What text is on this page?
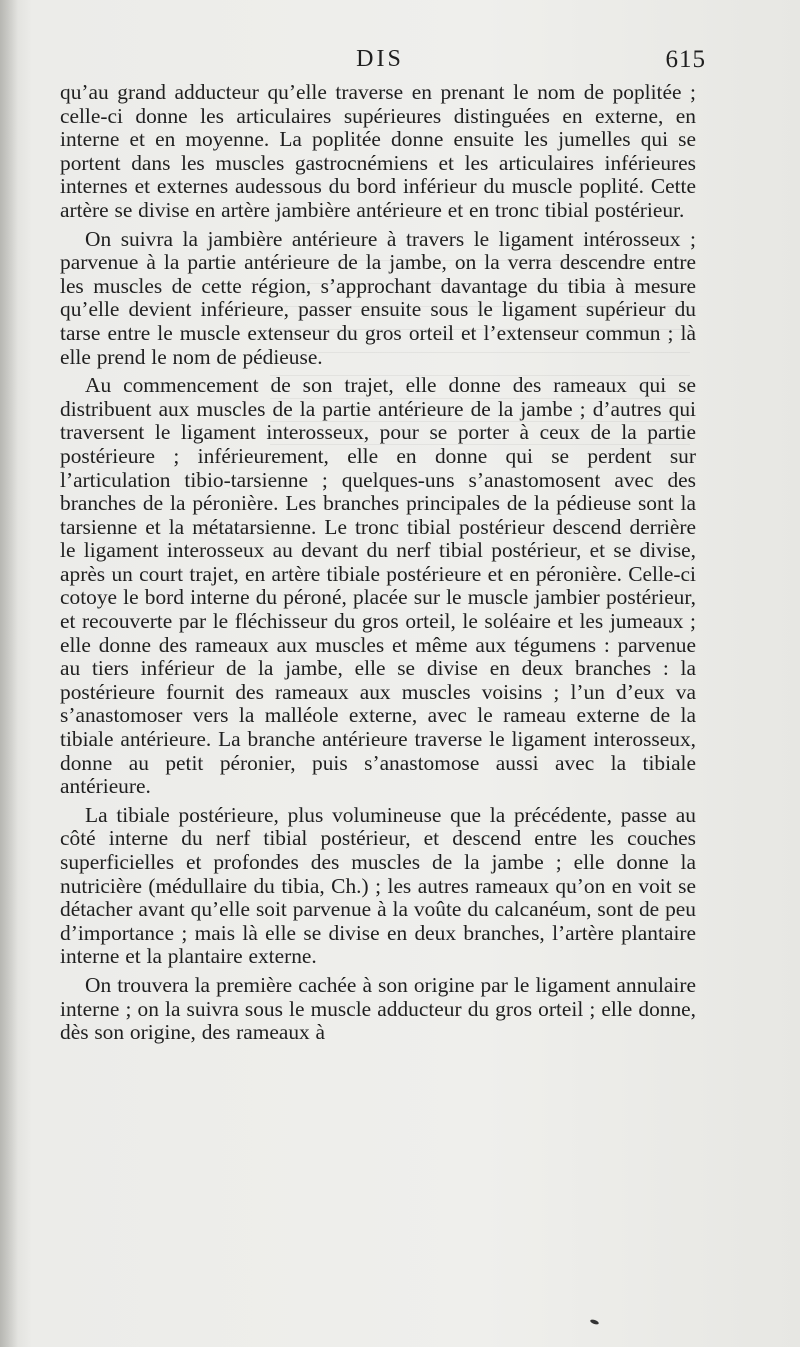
DIS	615

qu’au grand adducteur qu’elle traverse en prenant le nom de poplitée ; celle-ci donne les articulaires supérieures distinguées en externe, en interne et en moyenne. La poplitée donne ensuite les jumelles qui se portent dans les muscles gastrocnémiens et les articulaires inférieures internes et externes audessous du bord inférieur du muscle poplité. Cette artère se divise en artère jambière antérieure et en tronc tibial postérieur.

On suivra la jambière antérieure à travers le ligament intérosseux ; parvenue à la partie antérieure de la jambe, on la verra descendre entre les muscles de cette région, s’approchant davantage du tibia à mesure qu’elle devient inférieure, passer ensuite sous le ligament supérieur du tarse entre le muscle extenseur du gros orteil et l’extenseur commun ; là elle prend le nom de pédieuse.

Au commencement de son trajet, elle donne des rameaux qui se distribuent aux muscles de la partie antérieure de la jambe ; d’autres qui traversent le ligament interosseux, pour se porter à ceux de la partie postérieure ; inférieurement, elle en donne qui se perdent sur l’articulation tibio-tarsienne ; quelques-uns s’anastomosent avec des branches de la péronière. Les branches principales de la pédieuse sont la tarsienne et la métatarsienne. Le tronc tibial postérieur descend derrière le ligament interosseux au devant du nerf tibial postérieur, et se divise, après un court trajet, en artère tibiale postérieure et en péronière. Celle-ci cotoye le bord interne du péroné, placée sur le muscle jambier postérieur, et recouverte par le fléchisseur du gros orteil, le soléaire et les jumeaux ; elle donne des rameaux aux muscles et même aux tégumens : parvenue au tiers inférieur de la jambe, elle se divise en deux branches : la postérieure fournit des rameaux aux muscles voisins ; l’un d’eux va s’anastomoser vers la malléole externe, avec le rameau externe de la tibiale antérieure. La branche antérieure traverse le ligament interosseux, donne au petit péronier, puis s’anastomose aussi avec la tibiale antérieure.

La tibiale postérieure, plus volumineuse que la précédente, passe au côté interne du nerf tibial postérieur, et descend entre les couches superficielles et profondes des muscles de la jambe ; elle donne la nutricière (médullaire du tibia, Ch.) ; les autres rameaux qu’on en voit se détacher avant qu’elle soit parvenue à la voûte du calcanéum, sont de peu d’importance ; mais là elle se divise en deux branches, l’artère plantaire interne et la plantaire externe.

On trouvera la première cachée à son origine par le ligament annulaire interne ; on la suivra sous le muscle adducteur du gros orteil ; elle donne, dès son origine, des rameaux à
